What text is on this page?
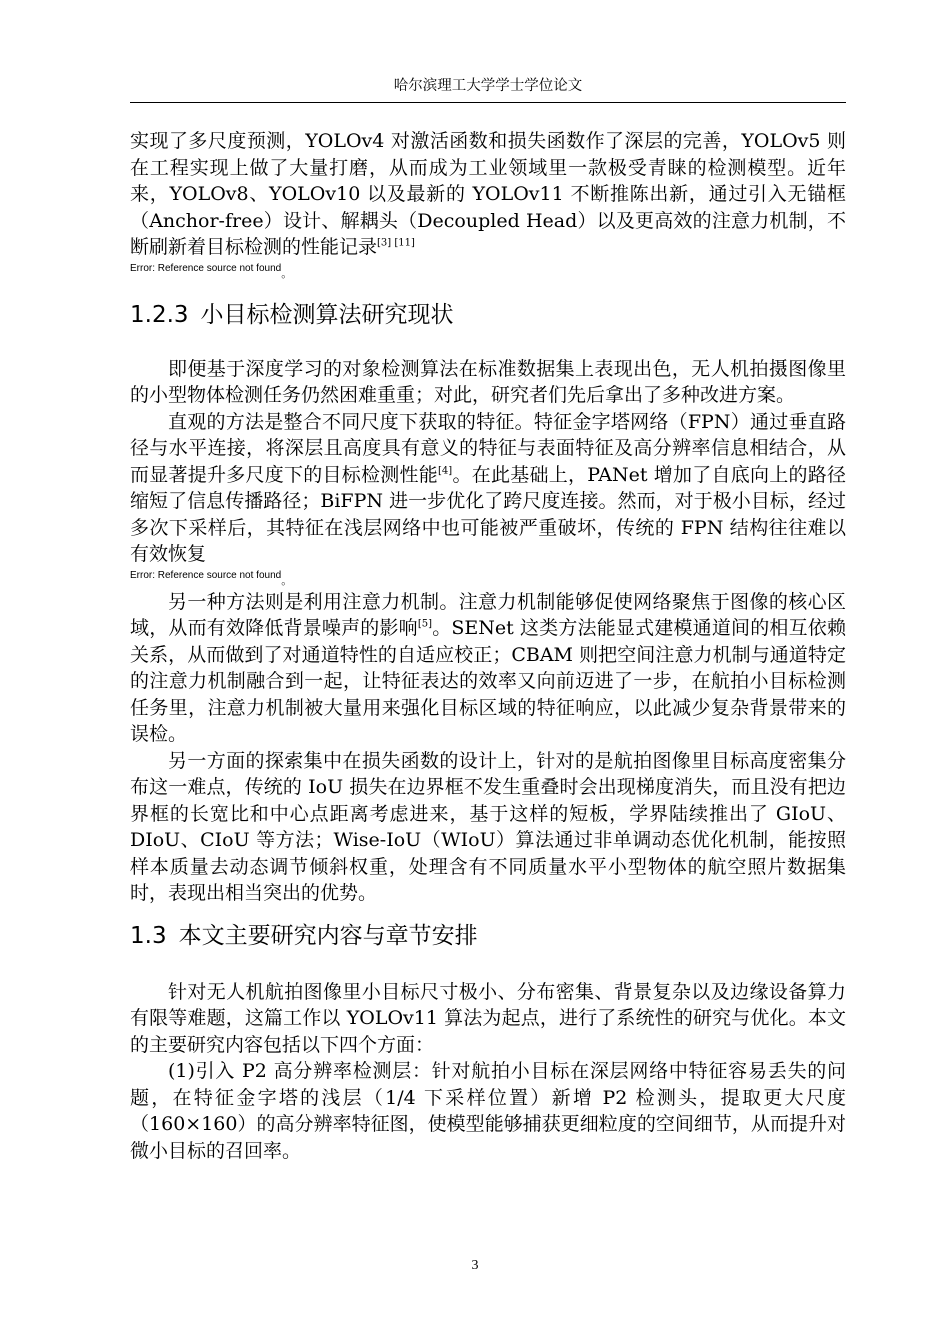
哈尔滨理工大学学士学位论文

实现了多尺度预测，YOLOv4 对激活函数和损失函数作了深层的完善，YOLOv5 则在工程实现上做了大量打磨，从而成为工业领域里一款极受青睐的检测模型。近年来，YOLOv8、YOLOv10 以及最新的 YOLOv11 不断推陈出新，通过引入无锚框（Anchor-free）设计、解耦头（Decoupled Head）以及更高效的注意力机制，不断刷新着目标检测的性能记录[3] [11]

Error: Reference source not found。
1.2.3 小目标检测算法研究现状

即便基于深度学习的对象检测算法在标准数据集上表现出色，无人机拍摄图像里的小型物体检测任务仍然困难重重；对此，研究者们先后拿出了多种改进方案。

直观的方法是整合不同尺度下获取的特征。特征金字塔网络（FPN）通过垂直路径与水平连接，将深层且高度具有意义的特征与表面特征及高分辨率信息相结合，从而显著提升多尺度下的目标检测性能[4]。在此基础上，PANet 增加了自底向上的路径缩短了信息传播路径；BiFPN 进一步优化了跨尺度连接。然而，对于极小目标，经过多次下采样后，其特征在浅层网络中也可能被严重破坏，传统的 FPN 结构往往难以有效恢复

Error: Reference source not found。

另一种方法则是利用注意力机制。注意力机制能够促使网络聚焦于图像的核心区域，从而有效降低背景噪声的影响[5]。SENet 这类方法能显式建模通道间的相互依赖关系，从而做到了对通道特性的自适应校正；CBAM 则把空间注意力机制与通道特定的注意力机制融合到一起，让特征表达的效率又向前迈进了一步，在航拍小目标检测任务里，注意力机制被大量用来强化目标区域的特征响应，以此减少复杂背景带来的误检。

另一方面的探索集中在损失函数的设计上，针对的是航拍图像里目标高度密集分布这一难点，传统的 IoU 损失在边界框不发生重叠时会出现梯度消失，而且没有把边界框的长宽比和中心点距离考虑进来，基于这样的短板，学界陆续推出了 GIoU、DIoU、CIoU 等方法；Wise-IoU（WIoU）算法通过非单调动态优化机制，能按照样本质量去动态调节倾斜权重，处理含有不同质量水平小型物体的航空照片数据集时，表现出相当突出的优势。

1.3 本文主要研究内容与章节安排

针对无人机航拍图像里小目标尺寸极小、分布密集、背景复杂以及边缘设备算力有限等难题，这篇工作以 YOLOv11 算法为起点，进行了系统性的研究与优化。本文的主要研究内容包括以下四个方面：

(1)引入 P2 高分辨率检测层：针对航拍小目标在深层网络中特征容易丢失的问题，在特征金字塔的浅层（1/4 下采样位置）新增 P2 检测头，提取更大尺度（160×160）的高分辨率特征图，使模型能够捕获更细粒度的空间细节，从而提升对微小目标的召回率。

3
